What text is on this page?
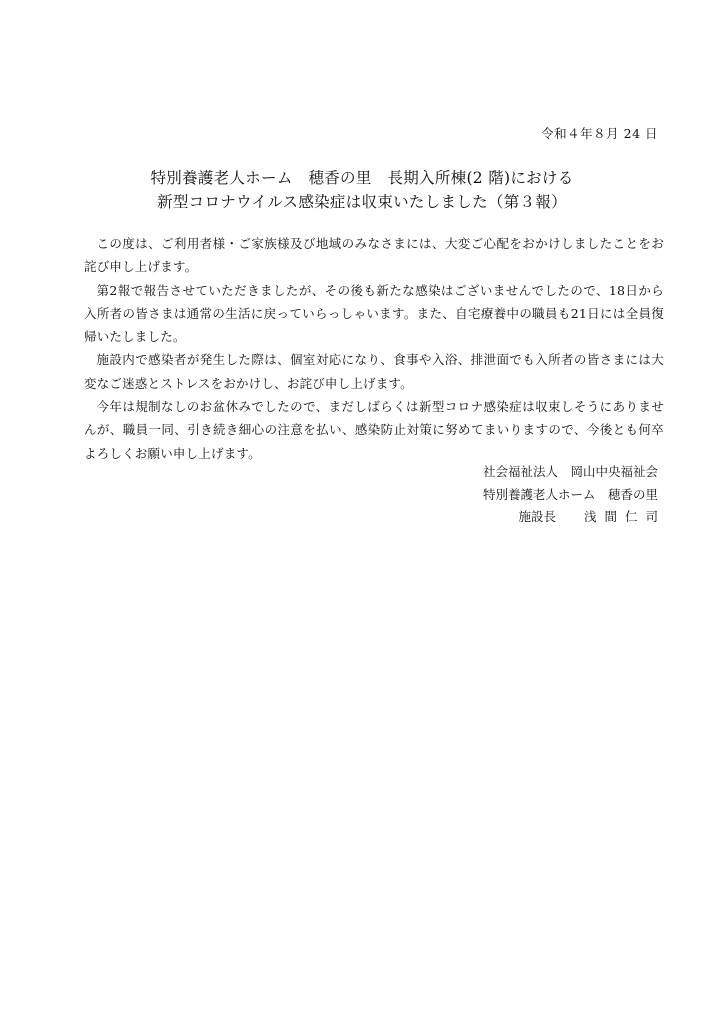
令和４年８月 24 日
特別養護老人ホーム　穂香の里　長期入所棟(2 階)における
新型コロナウイルス感染症は収束いたしました（第３報）

この度は、ご利用者様・ご家族様及び地域のみなさまには、大変ご心配をおかけしましたことをお詫び申し上げます。

第2報で報告させていただきましたが、その後も新たな感染はございませんでしたので、18日から入所者の皆さまは通常の生活に戻っていらっしゃいます。また、自宅療養中の職員も21日には全員復帰いたしました。

施設内で感染者が発生した際は、個室対応になり、食事や入浴、排泄面でも入所者の皆さまには大変なご迷惑とストレスをおかけし、お詫び申し上げます。

今年は規制なしのお盆休みでしたので、まだしばらくは新型コロナ感染症は収束しそうにありませんが、職員一同、引き続き細心の注意を払い、感染防止対策に努めてまいりますので、今後とも何卒よろしくお願い申し上げます。

社会福祉法人　岡山中央福祉会
特別養護老人ホーム　穂香の里
施設長 浅間仁司
